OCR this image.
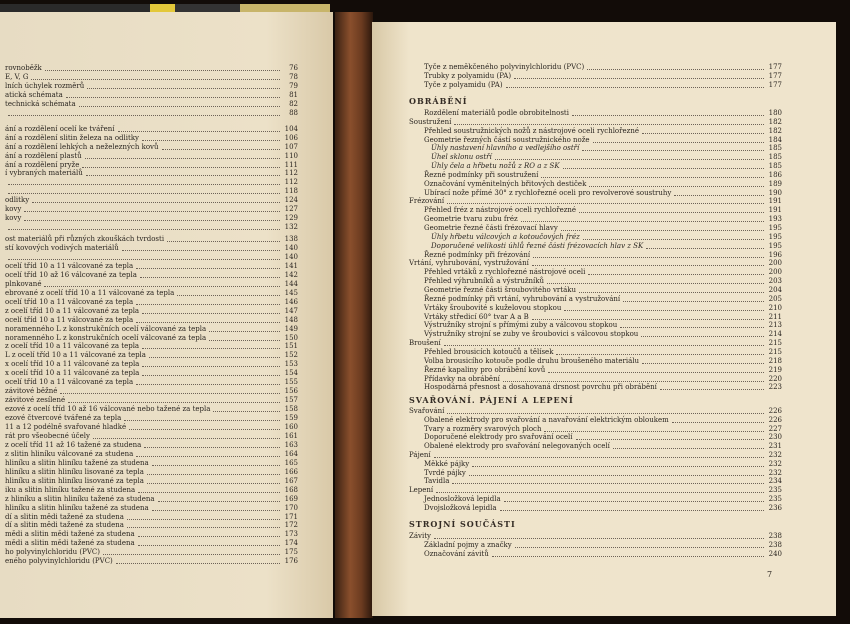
rovnoběžk	76
E, V, G	78
lních úchylek rozměrů	79
atická schémata	81
technická schémata	82
88
ání a rozdělení ocelí ke tváření	104
ání a rozdělení slitin železa na odlitky	106
ání a rozdělení lehkých a neželezných kovů	107
ání a rozdělení plastů	110
ání a rozdělení pryže	111
í vybraných materiálů	112
112
118
odlitky	124
kovy	127
kovy	129
132
ost materiálů při různých zkouškách tvrdosti	138
stí kovových vodivých materiálů	140
140
ocelí tříd 10 a 11 válcované za tepla	141
ocelí tříd 10 až 16 válcované za tepla	142
plnkované	144
ebrované z ocelí tříd 10 a 11 válcované za tepla	145
ocelí tříd 10 a 11 válcované za tepla	146
z ocelí tříd 10 a 11 válcované za tepla	147
ocelí tříd 10 a 11 válcované za tepla	148
noramenného L z konstrukčních ocelí válcované za tepla	149
noramenného L z konstrukčních ocelí válcované za tepla	150
z ocelí tříd 10 a 11 válcované za tepla	151
L z ocelí tříd 10 a 11 válcované za tepla	152
x ocelí tříd 10 a 11 válcované za tepla	153
x ocelí tříd 10 a 11 válcované za tepla	154
ocelí tříd 10 a 11 válcované za tepla	155
závitové běžné	156
závitové zesílené	157
ezové z ocelí tříd 10 až 16 válcované nebo tažené za tepla	158
ezové čtvercové tvářené za tepla	159
11 a 12 podélně svařované hladké	160
rát pro všeobecné účely	161
z ocelí tříd 11 až 16 tažené za studena	163
z slitin hliníku válcované za studena	164
hliníku a slitin hliníku tažené za studena	165
hliníku a slitin hliníku lisované za tepla	166
hliníku a slitin hliníku lisované za tepla	167
iku a slitin hliníku tažené za studena	168
z hliníku a slitin hliníku tažené za studena	169
hliníku a slitin hliníku tažené za studena	170
dí a slitin mědi tažené za studena	171
dí a slitin mědi tažené za studena	172
mědi a slitin mědi tažené za studena	173
mědi a slitin mědi tažené za studena	174
ho polyvinylchloridu (PVC)	175
eného polyvinylchloridu (PVC)	176
Tyče z neměkčeného polyvinylchloridu (PVC)	177
Trubky z polyamidu (PA)	177
Tyče z polyamidu (PA)	177
Rozdělení materiálů podle obrobitelnosti	180
Soustružení	182
Přehled soustružnických nožů z nástrojové oceli rychlořezné	182
Geometrie řezných částí soustružnického nože	184
Úhly nastavení hlavního a vedlejšího ostří	185
Úhel sklonu ostří	185
Úhly čela a hřbetu nožů z RO a z SK	185
Řezné podmínky při soustružení	186
Označování vyměnitelných břitových destiček	189
Ubírací nože přímé 30° z rychlořezné oceli pro revolverové soustruhy	190
Frézování	191
Přehled fréz z nástrojové oceli rychlořezné	191
Geometrie tvaru zubu fréz	193
Geometrie řezné části frézovací hlavy	195
Úhly hřbetu válcových a kotoučových fréz	195
Doporučené velikosti úhlů řezné části frézovacích hlav z SK	195
Řezné podmínky při frézování	196
Vrtání, vyhrubování, vystružování	200
Přehled vrtáků z rychlořezné nástrojové oceli	200
Přehled výhrubníků a výstružníků	203
Geometrie řezné části šroubovitého vrtáku	204
Řezné podmínky při vrtání, vyhrubování a vystružování	205
Vrtáky šroubovité s kuželovou stopkou	210
Vrtáky středicí 60° tvar A a B	211
Výstružníky strojní s přímými zuby a válcovou stopkou	213
Výstružníky strojní se zuby ve šroubovici s válcovou stopkou	214
Broušení	215
Přehled brousicích kotoučů a tělísek	215
Volba brousicího kotouče podle druhu broušeného materiálu	218
Řezné kapaliny pro obrábění kovů	219
Přídavky na obrábění	220
Hospodárná přesnost a dosahovaná drsnost povrchu při obrábění	223
Svařování	226
Obalené elektrody pro svařování a navařování elektrickým obloukem	226
Tvary a rozměry svarových ploch	227
Doporučené elektrody pro svařování ocelí	230
Obalené elektrody pro svařování nelegovaných ocelí	231
Pájení	232
Měkké pájky	232
Tvrdé pájky	232
Tavidla	234
Lepení	235
Jednosložková lepidla	235
Dvojsložková lepidla	236
Závity	238
Základní pojmy a značky	238
Označování závitů	240
OBRÁBĚNÍ
SVAŘOVÁNÍ. PÁJENÍ A LEPENÍ
STROJNÍ SOUČÁSTI
7
